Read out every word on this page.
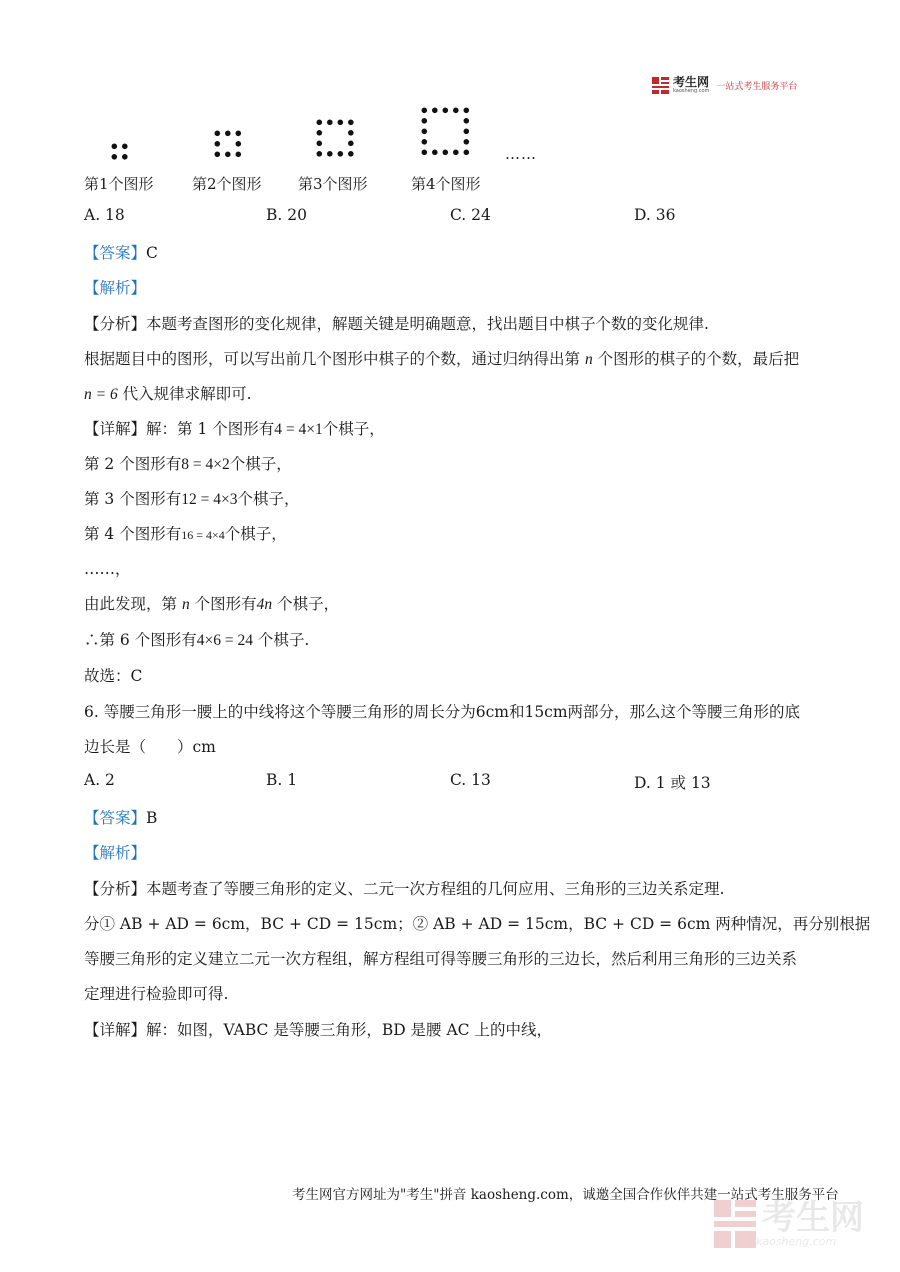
考生网
kaosheng.com 一站式考生服务平台
……
第1个图形	第2个图形 第3个图形	第4个图形
A. 18	B. 20	C. 24	D. 36
【答案】C
【解析】
【分析】本题考查图形的变化规律，解题关键是明确题意，找出题目中棋子个数的变化规律.
根据题目中的图形，可以写出前几个图形中棋子的个数，通过归纳得出第 n 个图形的棋子的个数，最后把
n = 6 代入规律求解即可.
【详解】解：第 1 个图形有4 = 4×1个棋子，
第 2 个图形有8 = 4×2个棋子，
第 3 个图形有12 = 4×3个棋子，
第 4 个图形有16 = 4×4个棋子，
……，
由此发现，第 n 个图形有4n 个棋子，
∴第 6 个图形有4×6 = 24 个棋子.
故选：C
6. 等腰三角形一腰上的中线将这个等腰三角形的周长分为6cm和15cm两部分，那么这个等腰三角形的底
边长是（　　）cm
A. 2	B. 1	C. 13	D. 1 或 13
【答案】B
【解析】
【分析】本题考查了等腰三角形的定义、二元一次方程组的几何应用、三角形的三边关系定理.
分① AB + AD = 6cm，BC + CD = 15cm；② AB + AD = 15cm，BC + CD = 6cm 两种情况，再分别根据
等腰三角形的定义建立二元一次方程组，解方程组可得等腰三角形的三边长，然后利用三角形的三边关系
定理进行检验即可得.
【详解】解：如图，VABC 是等腰三角形，BD 是腰 AC 上的中线，
考生网官方网址为"考生"拼音 kaosheng.com，诚邀全国合作伙伴共建一站式考生服务平台
考生网
kaosheng.com
